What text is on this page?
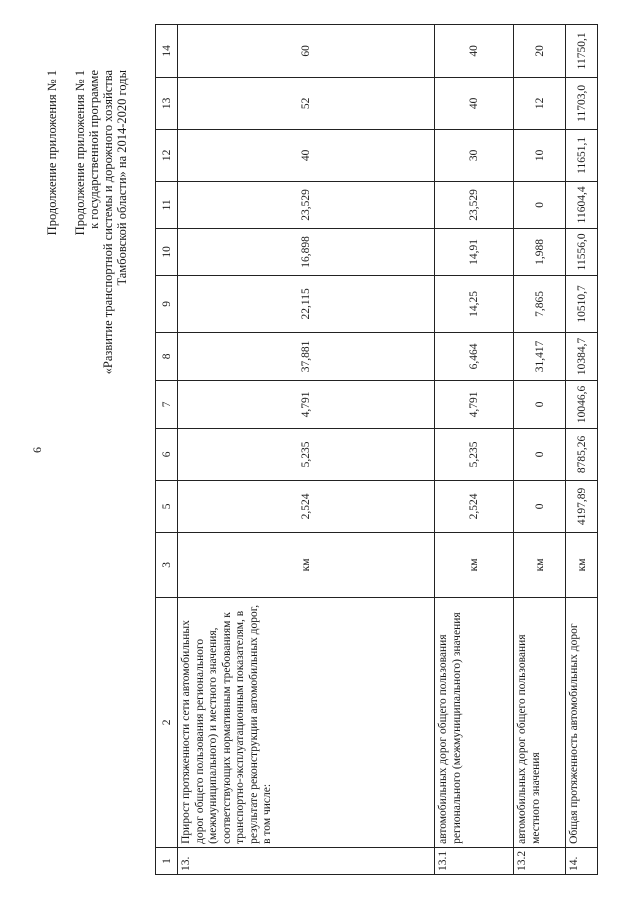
6
Продолжение приложения № 1 Продолжение приложения № 1 к государственной программе «Развитие транспортной системы и дорожного хозяйства Тамбовской области» на 2014-2020 годы
1	2	3	5	6	7	8	9	10	11	12	13	14
13.	Прирост протяженности сети автомобильных дорог общего пользования регионального (межмуниципального) и местного значения, соответствующих нормативным требованиям к транспортно-эксплуатационным показателям, в результате реконструкции автомобильных дорог, в том числе:	км	2,524	5,235	4,791	37,881	22,115	16,898	23,529	40	52	60
13.1	автомобильных дорог общего пользования регионального (межмуниципального) значения	км	2,524	5,235	4,791	6,464	14,25	14,91	23,529	30	40	40
13.2	автомобильных дорог общего пользования местного значения	км	0	0	0	31,417	7,865	1,988	0	10	12	20
14.	Общая протяженность автомобильных дорог	км	4197,89	8785,26	10046,6	10384,7	10510,7	11556,0	11604,4	11651,1	11703,0	11750,1
